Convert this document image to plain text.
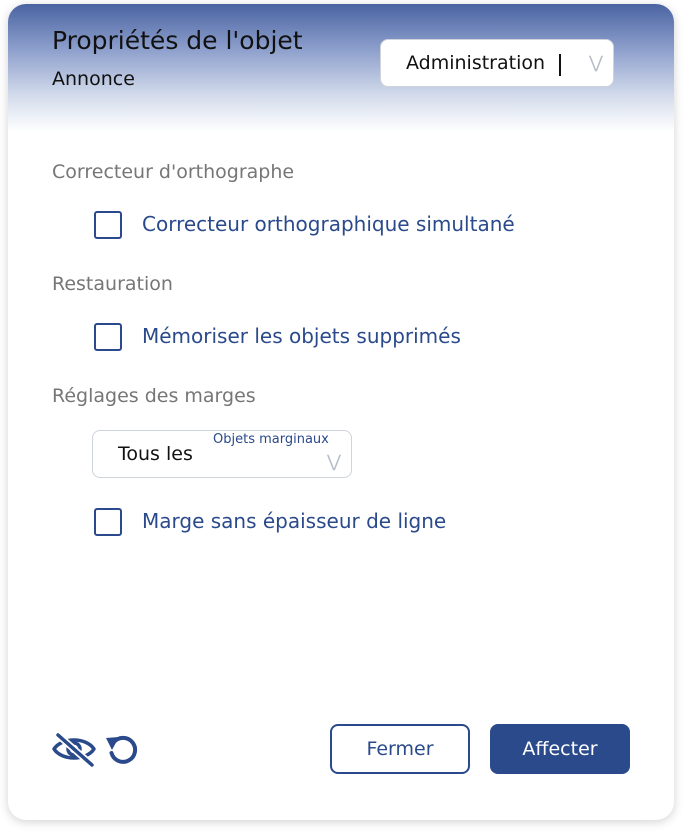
Propriétés de l'objet
Annonce
Administration	⋁
Correcteur d'orthographe
Correcteur orthographique simultané
Restauration
Mémoriser les objets supprimés
Réglages des marges
Tous les
Objets marginaux
⋁
Marge sans épaisseur de ligne
Fermer	Affecter
